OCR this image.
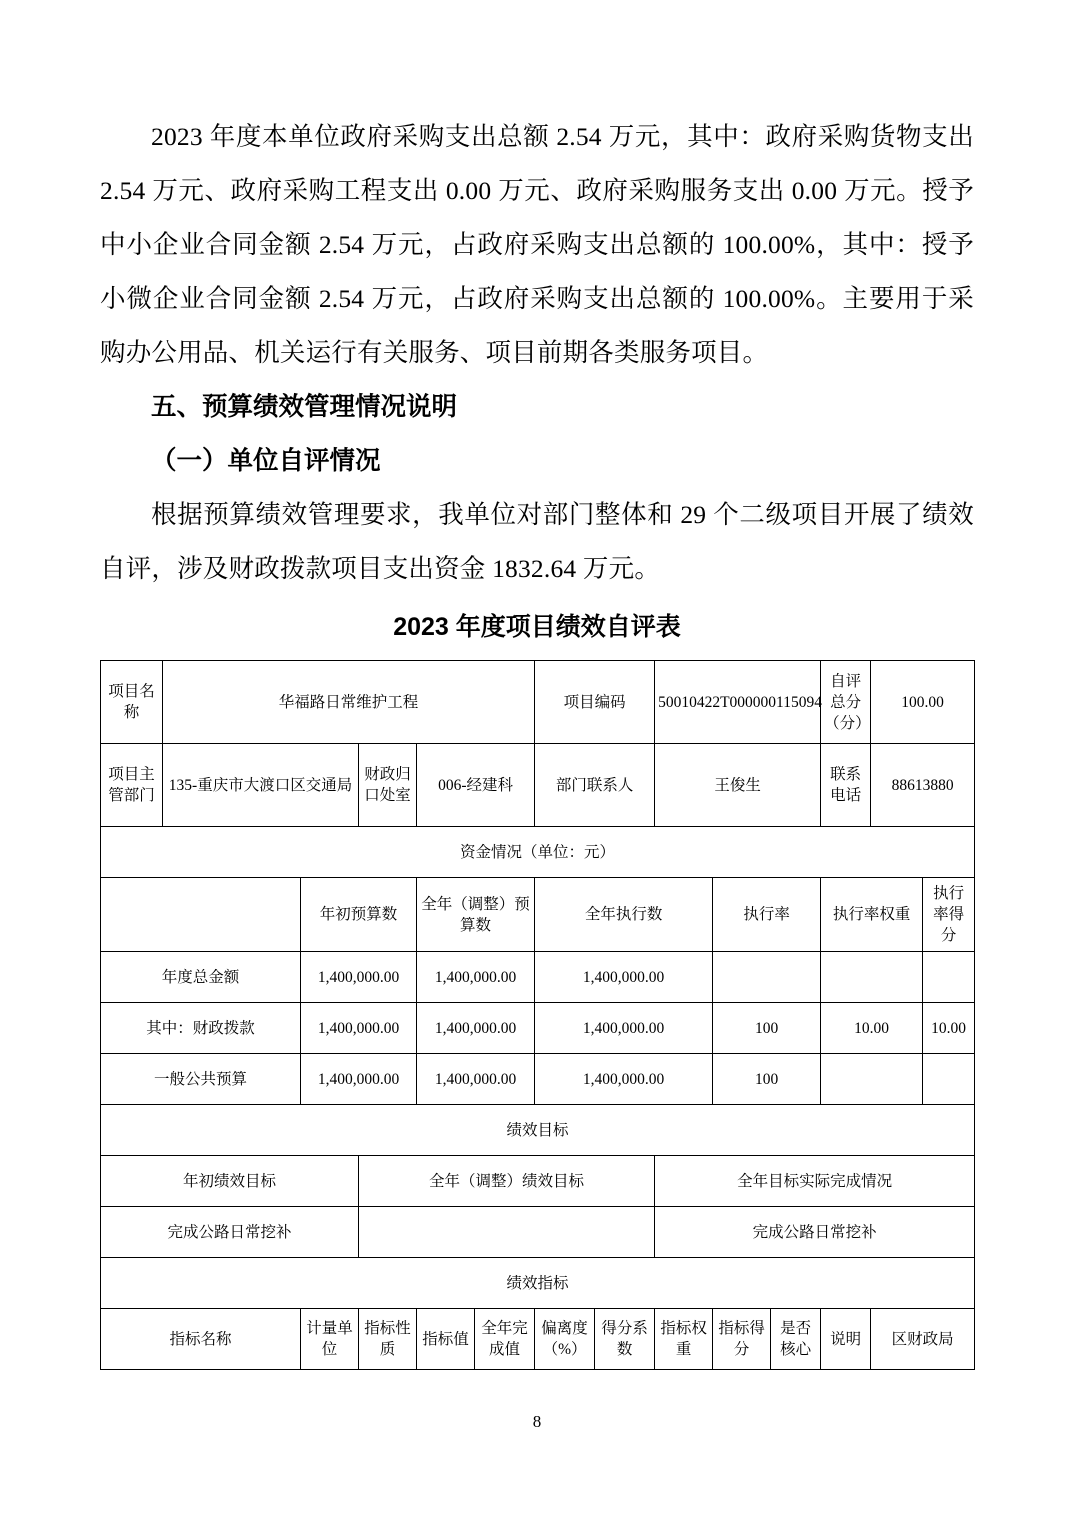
2023 年度本单位政府采购支出总额 2.54 万元，其中：政府采购货物支出 2.54 万元、政府采购工程支出 0.00 万元、政府采购服务支出 0.00 万元。授予中小企业合同金额 2.54 万元，占政府采购支出总额的 100.00%，其中：授予小微企业合同金额 2.54 万元，占政府采购支出总额的 100.00%。主要用于采购办公用品、机关运行有关服务、项目前期各类服务项目。

五、预算绩效管理情况说明
（一）单位自评情况

根据预算绩效管理要求，我单位对部门整体和 29 个二级项目开展了绩效自评，涉及财政拨款项目支出资金 1832.64 万元。

2023 年度项目绩效自评表
项目名称	华福路日常维护工程					项目编码		50010422T000000115094			自评总分（分）	100.00	
项目主管部门	135-重庆市大渡口区交通局		财政归口处室	006-经建科		部门联系人		王俊生			联系电话	88613880	
资金情况（单位：元）													
		年初预算数		全年（调整）预算数		全年执行数			执行率		执行率权重		执行率得分
年度总金额		1,400,000.00		1,400,000.00		1,400,000.00							
其中：财政拨款		1,400,000.00		1,400,000.00		1,400,000.00			100		10.00		10.00
一般公共预算		1,400,000.00		1,400,000.00		1,400,000.00			100				
绩效目标													
年初绩效目标			全年（调整）绩效目标					全年目标实际完成情况					
完成公路日常挖补								完成公路日常挖补					
绩效指标													
指标名称		计量单位	指标性质	指标值	全年完成值	偏离度（%）	得分系数	指标权重	指标得分	是否核心	说明	区财政局	
8
